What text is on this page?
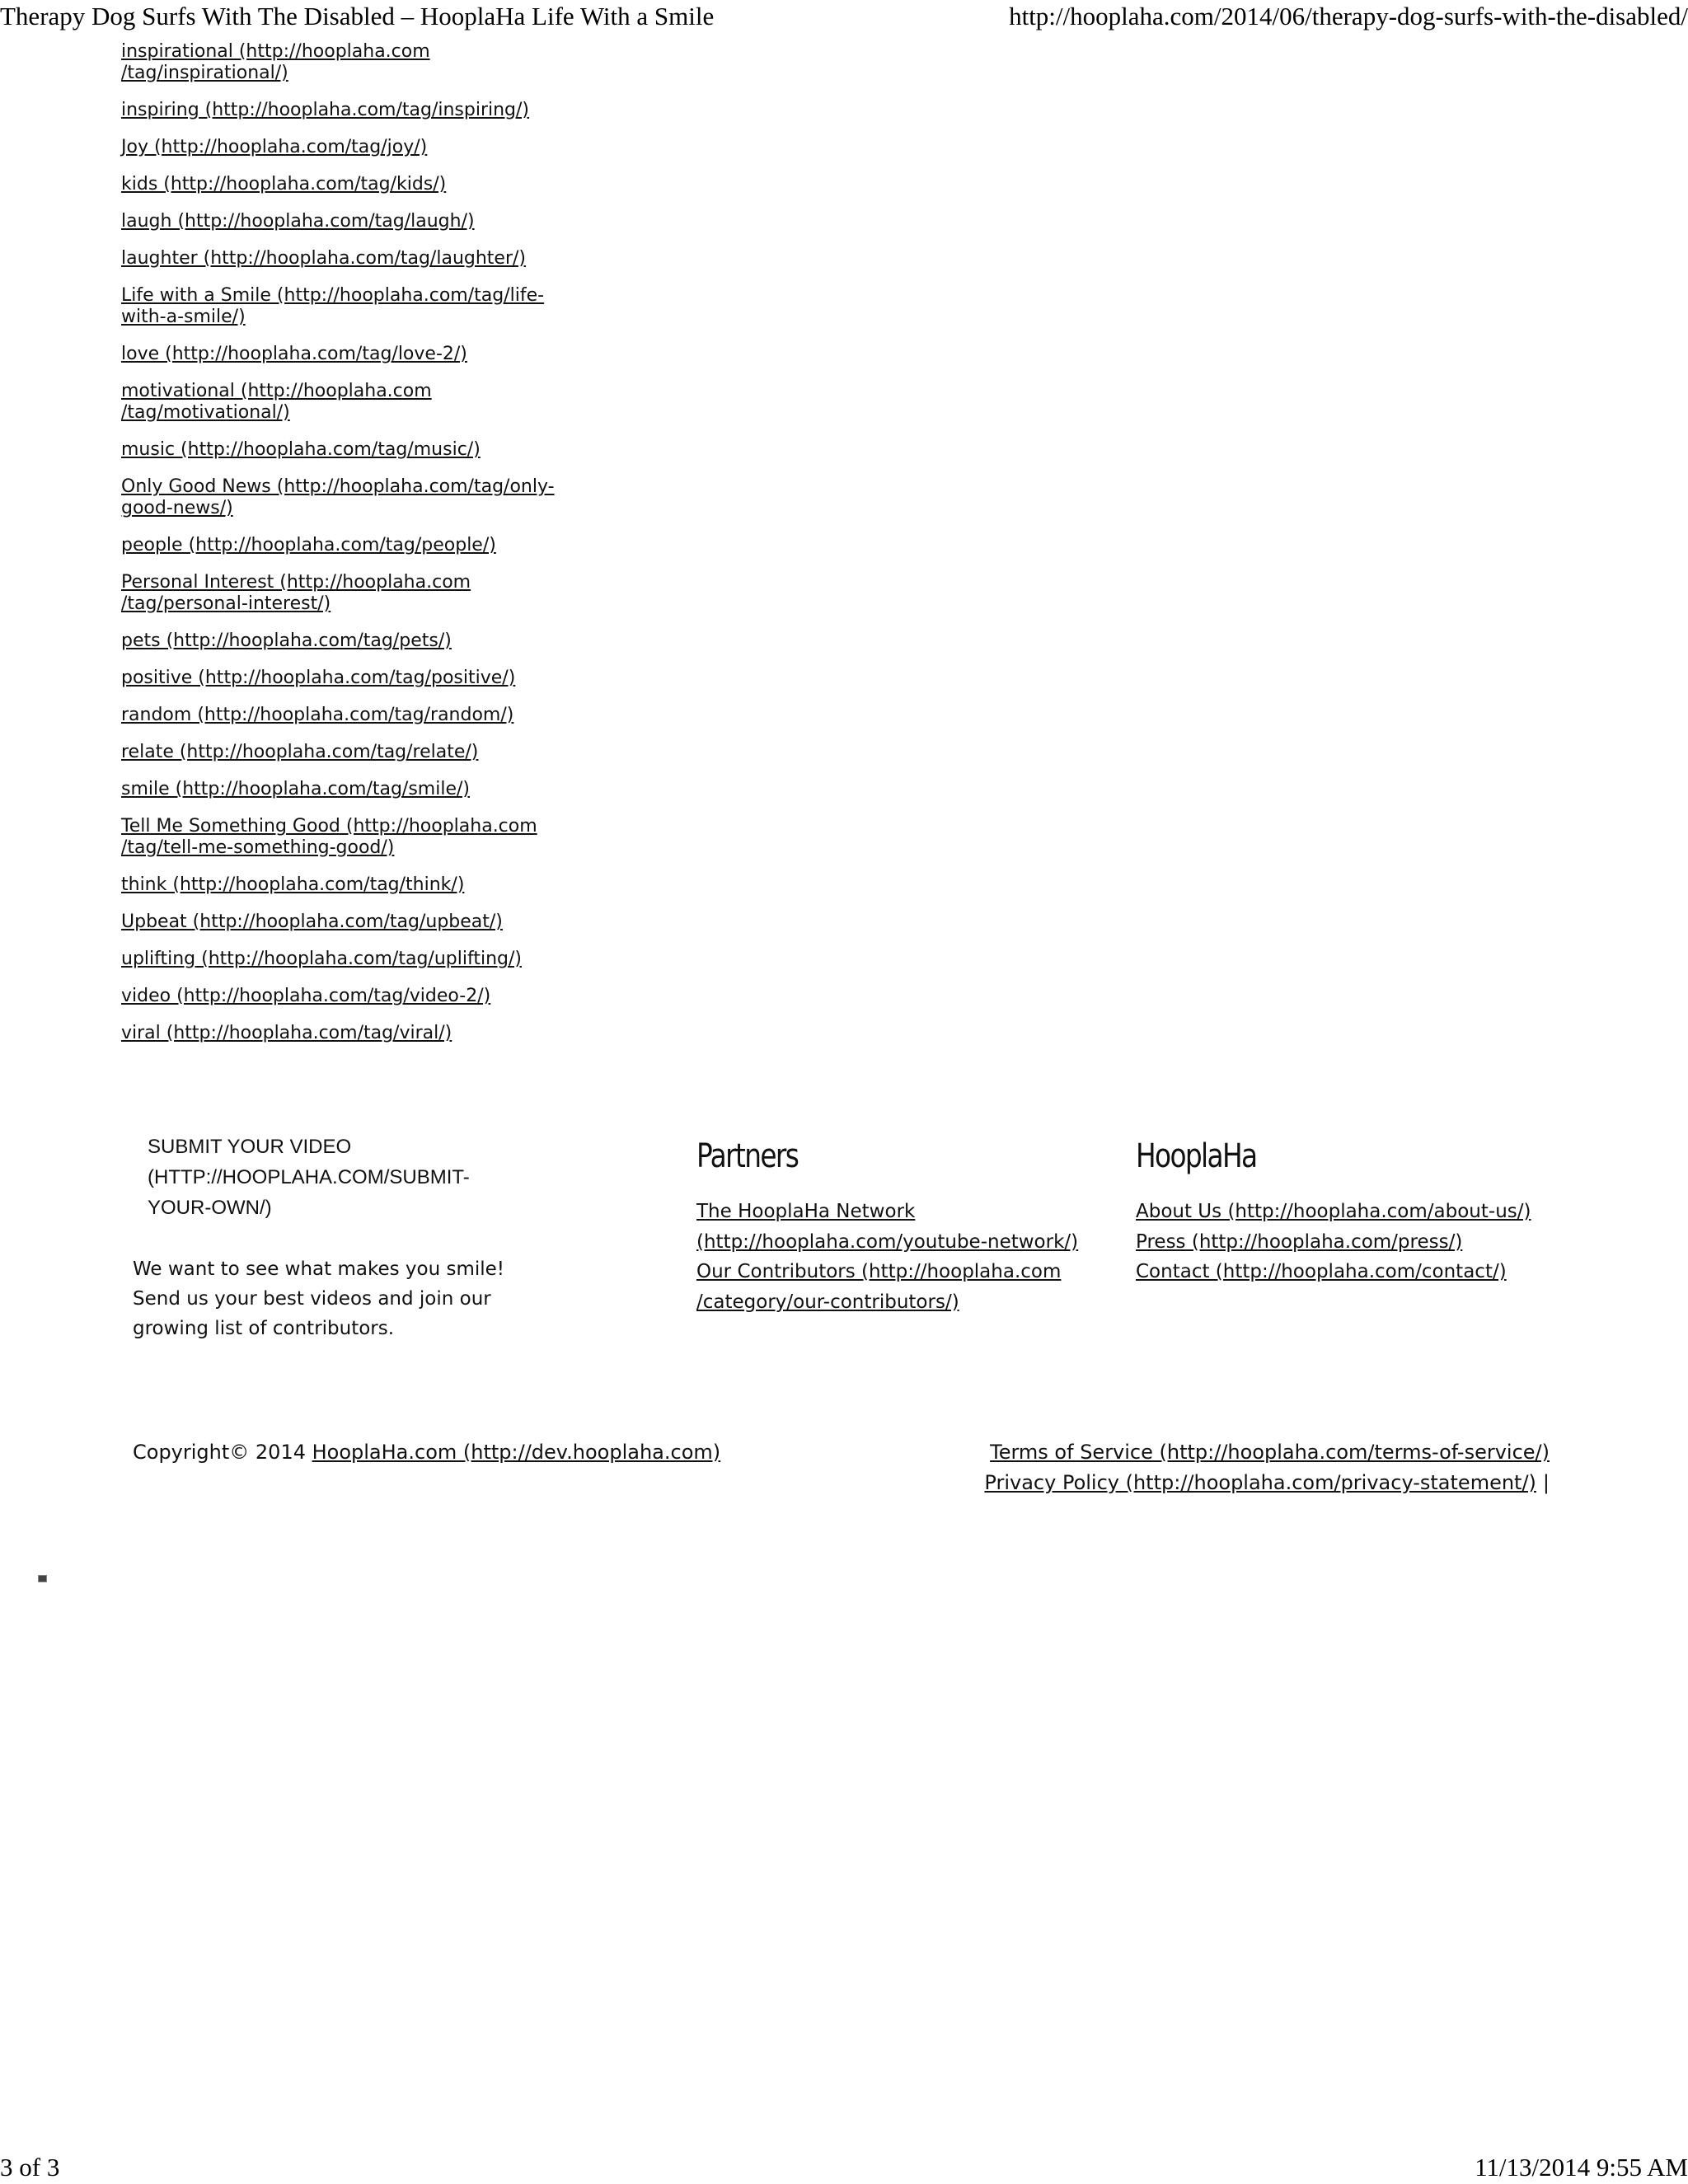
Therapy Dog Surfs With The Disabled – HooplaHa Life With a Smile	http://hooplaha.com/2014/06/therapy-dog-surfs-with-the-disabled/
inspirational (http://hooplaha.com /tag/inspirational/)
inspiring (http://hooplaha.com/tag/inspiring/)
Joy (http://hooplaha.com/tag/joy/)
kids (http://hooplaha.com/tag/kids/)
laugh (http://hooplaha.com/tag/laugh/)
laughter (http://hooplaha.com/tag/laughter/)
Life with a Smile (http://hooplaha.com/tag/life-with-a-smile/)
love (http://hooplaha.com/tag/love-2/)
motivational (http://hooplaha.com /tag/motivational/)
music (http://hooplaha.com/tag/music/)
Only Good News (http://hooplaha.com/tag/only-good-news/)
people (http://hooplaha.com/tag/people/)
Personal Interest (http://hooplaha.com /tag/personal-interest/)
pets (http://hooplaha.com/tag/pets/)
positive (http://hooplaha.com/tag/positive/)
random (http://hooplaha.com/tag/random/)
relate (http://hooplaha.com/tag/relate/)
smile (http://hooplaha.com/tag/smile/)
Tell Me Something Good (http://hooplaha.com /tag/tell-me-something-good/)
think (http://hooplaha.com/tag/think/)
Upbeat (http://hooplaha.com/tag/upbeat/)
uplifting (http://hooplaha.com/tag/uplifting/)
video (http://hooplaha.com/tag/video-2/)
viral (http://hooplaha.com/tag/viral/)
SUBMIT YOUR VIDEO (HTTP://HOOPLAHA.COM/SUBMIT-YOUR-OWN/)
We want to see what makes you smile! Send us your best videos and join our growing list of contributors.
Partners
The HooplaHa Network (http://hooplaha.com/youtube-network/)
Our Contributors (http://hooplaha.com /category/our-contributors/)
HooplaHa
About Us (http://hooplaha.com/about-us/)
Press (http://hooplaha.com/press/)
Contact (http://hooplaha.com/contact/)
Copyright© 2014 HooplaHa.com (http://dev.hooplaha.com)	Terms of Service (http://hooplaha.com/terms-of-service/)
Privacy Policy (http://hooplaha.com/privacy-statement/) |
3 of 3	11/13/2014 9:55 AM
